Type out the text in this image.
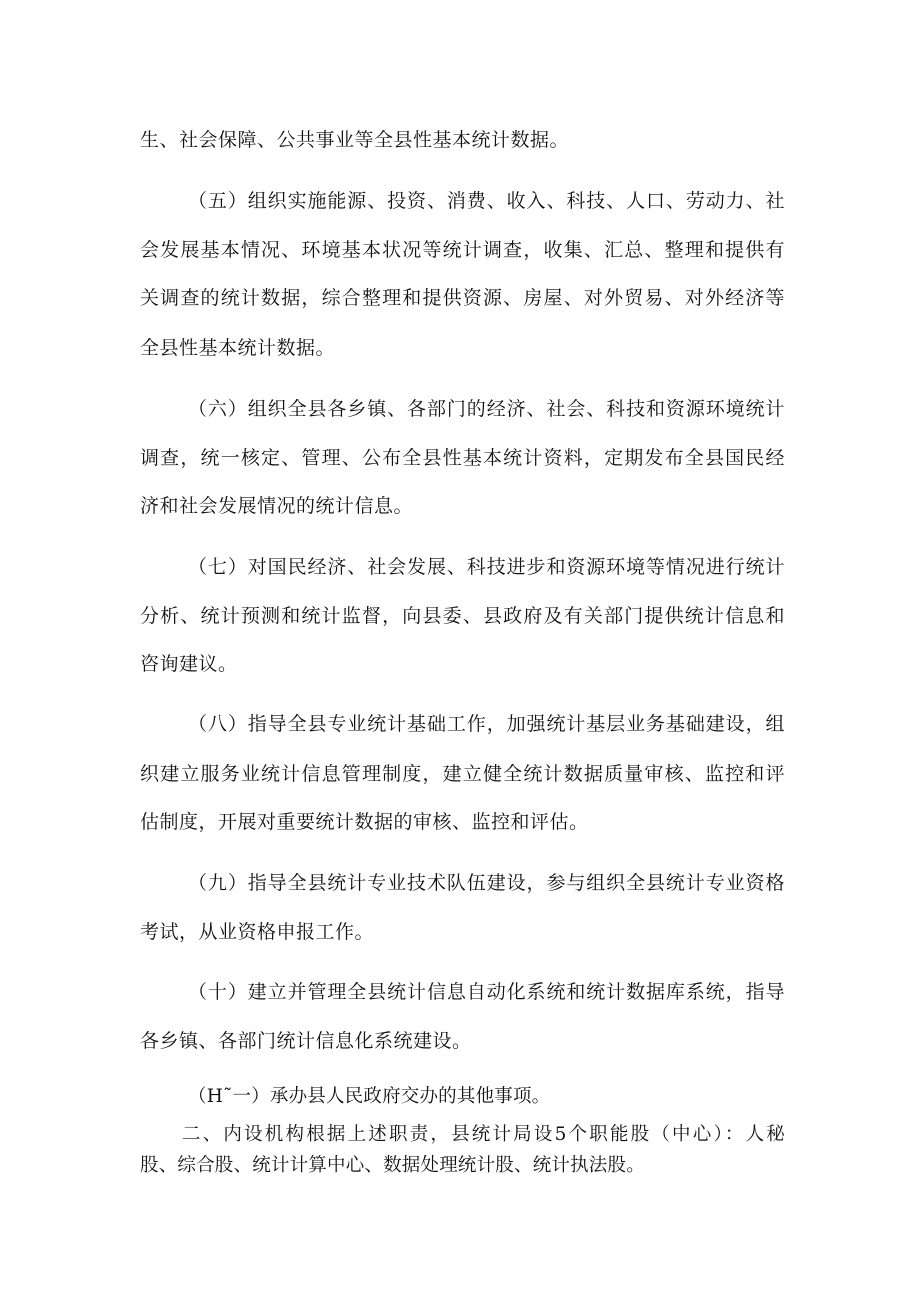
生、社会保障、公共事业等全县性基本统计数据。
（五）组织实施能源、投资、消费、收入、科技、人口、劳动力、社
会发展基本情况、环境基本状况等统计调查，收集、汇总、整理和提供有
关调查的统计数据，综合整理和提供资源、房屋、对外贸易、对外经济等
全县性基本统计数据。
（六）组织全县各乡镇、各部门的经济、社会、科技和资源环境统计
调查，统一核定、管理、公布全县性基本统计资料，定期发布全县国民经
济和社会发展情况的统计信息。
（七）对国民经济、社会发展、科技进步和资源环境等情况进行统计
分析、统计预测和统计监督，向县委、县政府及有关部门提供统计信息和
咨询建议。
（八）指导全县专业统计基础工作，加强统计基层业务基础建设，组
织建立服务业统计信息管理制度，建立健全统计数据质量审核、监控和评
估制度，开展对重要统计数据的审核、监控和评估。
（九）指导全县统计专业技术队伍建设，参与组织全县统计专业资格
考试，从业资格申报工作。
（十）建立并管理全县统计信息自动化系统和统计数据库系统，指导
各乡镇、各部门统计信息化系统建设。
（H˜一）承办县人民政府交办的其他事项。
二、内设机构根据上述职责，县统计局设5个职能股（中心）：人秘
股、综合股、统计计算中心、数据处理统计股、统计执法股。
